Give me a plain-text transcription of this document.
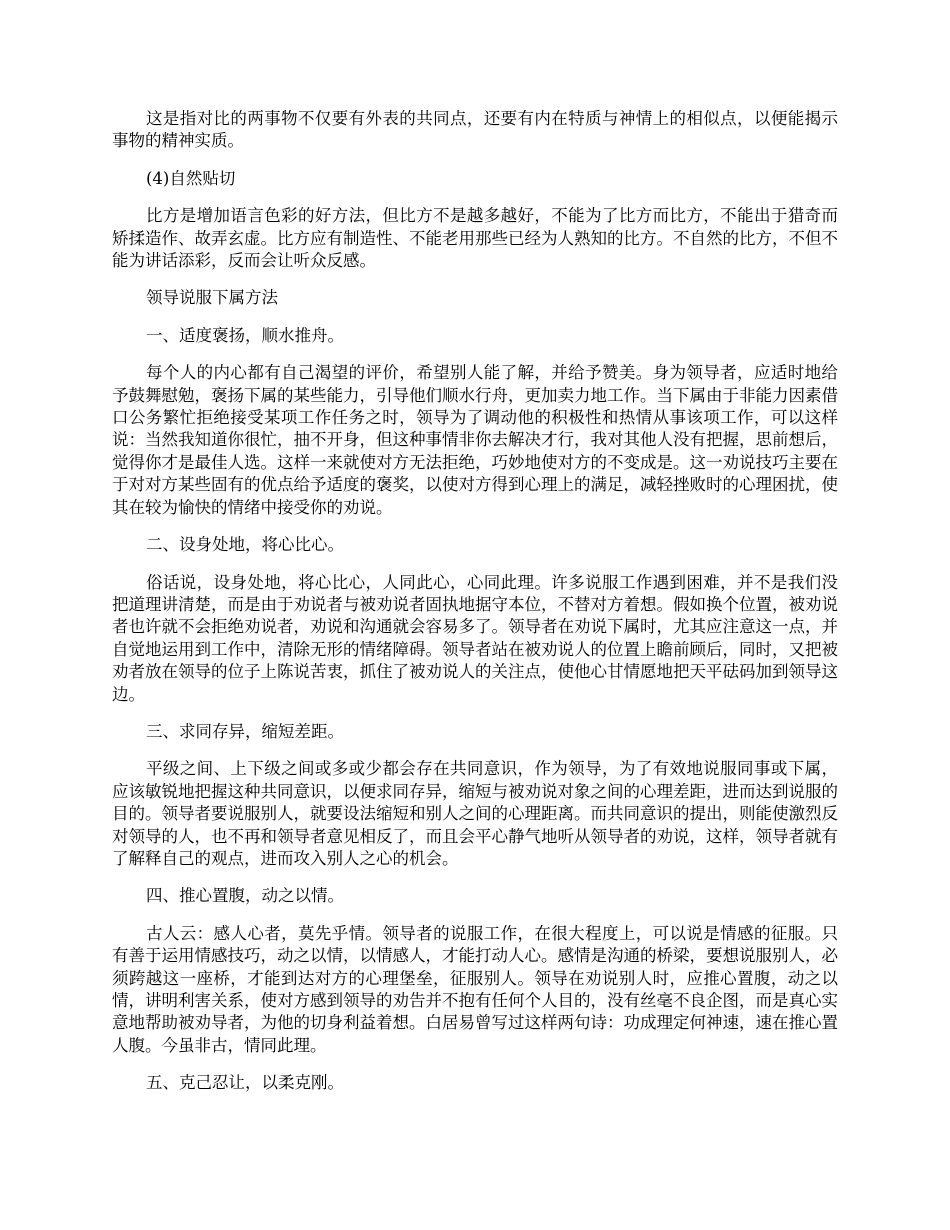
这是指对比的两事物不仅要有外表的共同点，还要有内在特质与神情上的相似点，以便能揭示事物的精神实质。

(4)自然贴切

比方是增加语言色彩的好方法，但比方不是越多越好，不能为了比方而比方，不能出于猎奇而矫揉造作、故弄玄虚。比方应有制造性、不能老用那些已经为人熟知的比方。不自然的比方，不但不能为讲话添彩，反而会让听众反感。

领导说服下属方法

一、适度褒扬，顺水推舟。

每个人的内心都有自己渴望的评价，希望别人能了解，并给予赞美。身为领导者，应适时地给予鼓舞慰勉，褒扬下属的某些能力，引导他们顺水行舟，更加卖力地工作。当下属由于非能力因素借口公务繁忙拒绝接受某项工作任务之时，领导为了调动他的积极性和热情从事该项工作，可以这样说：当然我知道你很忙，抽不开身，但这种事情非你去解决才行，我对其他人没有把握，思前想后，觉得你才是最佳人选。这样一来就使对方无法拒绝，巧妙地使对方的不变成是。这一劝说技巧主要在于对对方某些固有的优点给予适度的褒奖，以使对方得到心理上的满足，减轻挫败时的心理困扰，使其在较为愉快的情绪中接受你的劝说。

二、设身处地，将心比心。

俗话说，设身处地，将心比心，人同此心，心同此理。许多说服工作遇到困难，并不是我们没把道理讲清楚，而是由于劝说者与被劝说者固执地据守本位，不替对方着想。假如换个位置，被劝说者也许就不会拒绝劝说者，劝说和沟通就会容易多了。领导者在劝说下属时，尤其应注意这一点，并自觉地运用到工作中，清除无形的情绪障碍。领导者站在被劝说人的位置上瞻前顾后，同时，又把被劝者放在领导的位子上陈说苦衷，抓住了被劝说人的关注点，使他心甘情愿地把天平砝码加到领导这边。

三、求同存异，缩短差距。

平级之间、上下级之间或多或少都会存在共同意识，作为领导，为了有效地说服同事或下属，应该敏锐地把握这种共同意识，以便求同存异，缩短与被劝说对象之间的心理差距，进而达到说服的目的。领导者要说服别人，就要设法缩短和别人之间的心理距离。而共同意识的提出，则能使激烈反对领导的人，也不再和领导者意见相反了，而且会平心静气地听从领导者的劝说，这样，领导者就有了解释自己的观点，进而攻入别人之心的机会。

四、推心置腹，动之以情。

古人云：感人心者，莫先乎情。领导者的说服工作，在很大程度上，可以说是情感的征服。只有善于运用情感技巧，动之以情，以情感人，才能打动人心。感情是沟通的桥梁，要想说服别人，必须跨越这一座桥，才能到达对方的心理堡垒，征服别人。领导在劝说别人时，应推心置腹，动之以情，讲明利害关系，使对方感到领导的劝告并不抱有任何个人目的，没有丝毫不良企图，而是真心实意地帮助被劝导者，为他的切身利益着想。白居易曾写过这样两句诗：功成理定何神速，速在推心置人腹。今虽非古，情同此理。

五、克己忍让，以柔克刚。
